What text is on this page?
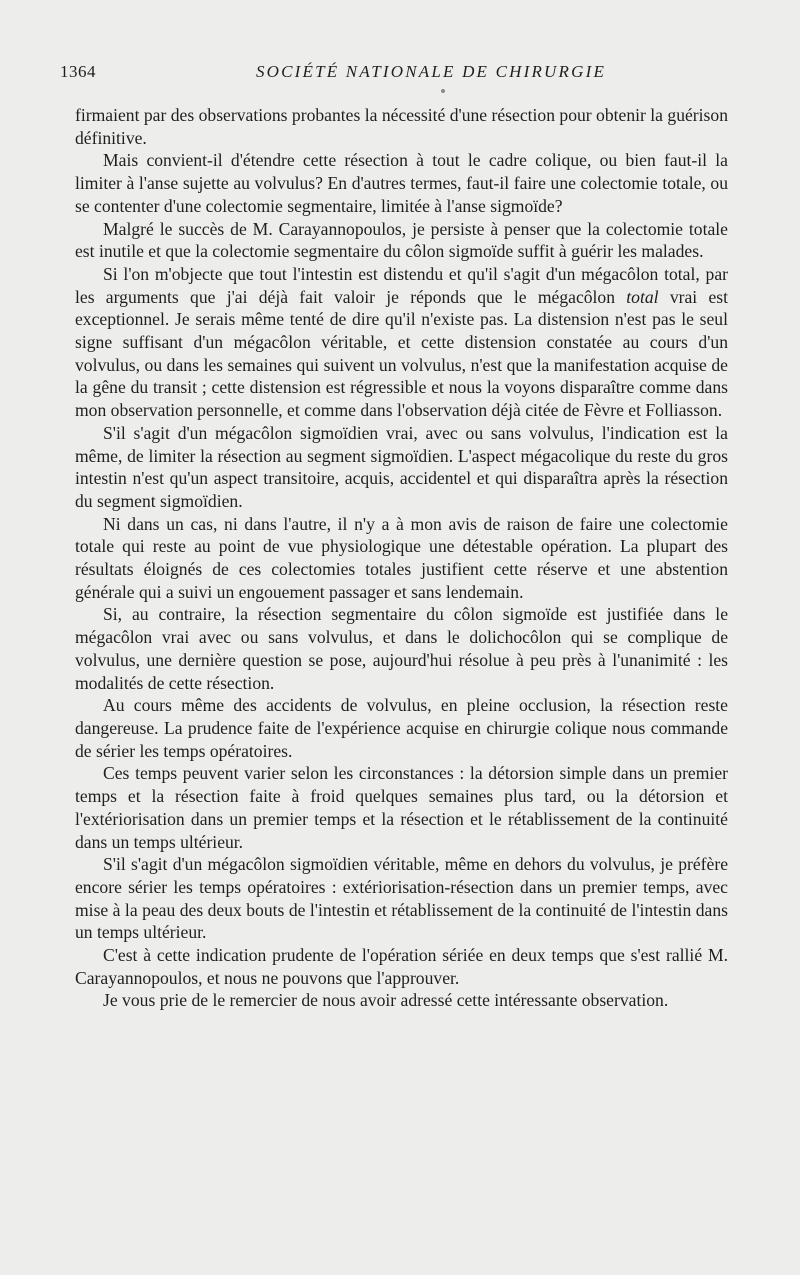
1364	SOCIÉTÉ NATIONALE DE CHIRURGIE

firmaient par des observations probantes la nécessité d'une résection pour obtenir la guérison définitive.

Mais convient-il d'étendre cette résection à tout le cadre colique, ou bien faut-il la limiter à l'anse sujette au volvulus? En d'autres termes, faut-il faire une colectomie totale, ou se contenter d'une colectomie segmentaire, limitée à l'anse sigmoïde?

Malgré le succès de M. Carayannopoulos, je persiste à penser que la colectomie totale est inutile et que la colectomie segmentaire du côlon sigmoïde suffit à guérir les malades.

Si l'on m'objecte que tout l'intestin est distendu et qu'il s'agit d'un mégacôlon total, par les arguments que j'ai déjà fait valoir je réponds que le mégacôlon total vrai est exceptionnel. Je serais même tenté de dire qu'il n'existe pas. La distension n'est pas le seul signe suffisant d'un mégacôlon véritable, et cette distension constatée au cours d'un volvulus, ou dans les semaines qui suivent un volvulus, n'est que la manifestation acquise de la gêne du transit ; cette distension est régressible et nous la voyons disparaître comme dans mon observation personnelle, et comme dans l'observation déjà citée de Fèvre et Folliasson.

S'il s'agit d'un mégacôlon sigmoïdien vrai, avec ou sans volvulus, l'indication est la même, de limiter la résection au segment sigmoïdien. L'aspect mégacolique du reste du gros intestin n'est qu'un aspect transitoire, acquis, accidentel et qui disparaîtra après la résection du segment sigmoïdien.

Ni dans un cas, ni dans l'autre, il n'y a à mon avis de raison de faire une colectomie totale qui reste au point de vue physiologique une détestable opération. La plupart des résultats éloignés de ces colectomies totales justifient cette réserve et une abstention générale qui a suivi un engouement passager et sans lendemain.

Si, au contraire, la résection segmentaire du côlon sigmoïde est justifiée dans le mégacôlon vrai avec ou sans volvulus, et dans le dolichocôlon qui se complique de volvulus, une dernière question se pose, aujourd'hui résolue à peu près à l'unanimité : les modalités de cette résection.

Au cours même des accidents de volvulus, en pleine occlusion, la résection reste dangereuse. La prudence faite de l'expérience acquise en chirurgie colique nous commande de sérier les temps opératoires.

Ces temps peuvent varier selon les circonstances : la détorsion simple dans un premier temps et la résection faite à froid quelques semaines plus tard, ou la détorsion et l'extériorisation dans un premier temps et la résection et le rétablissement de la continuité dans un temps ultérieur.

S'il s'agit d'un mégacôlon sigmoïdien véritable, même en dehors du volvulus, je préfère encore sérier les temps opératoires : extériorisation-résection dans un premier temps, avec mise à la peau des deux bouts de l'intestin et rétablissement de la continuité de l'intestin dans un temps ultérieur.

C'est à cette indication prudente de l'opération sériée en deux temps que s'est rallié M. Carayannopoulos, et nous ne pouvons que l'approuver.

Je vous prie de le remercier de nous avoir adressé cette intéressante observation.
